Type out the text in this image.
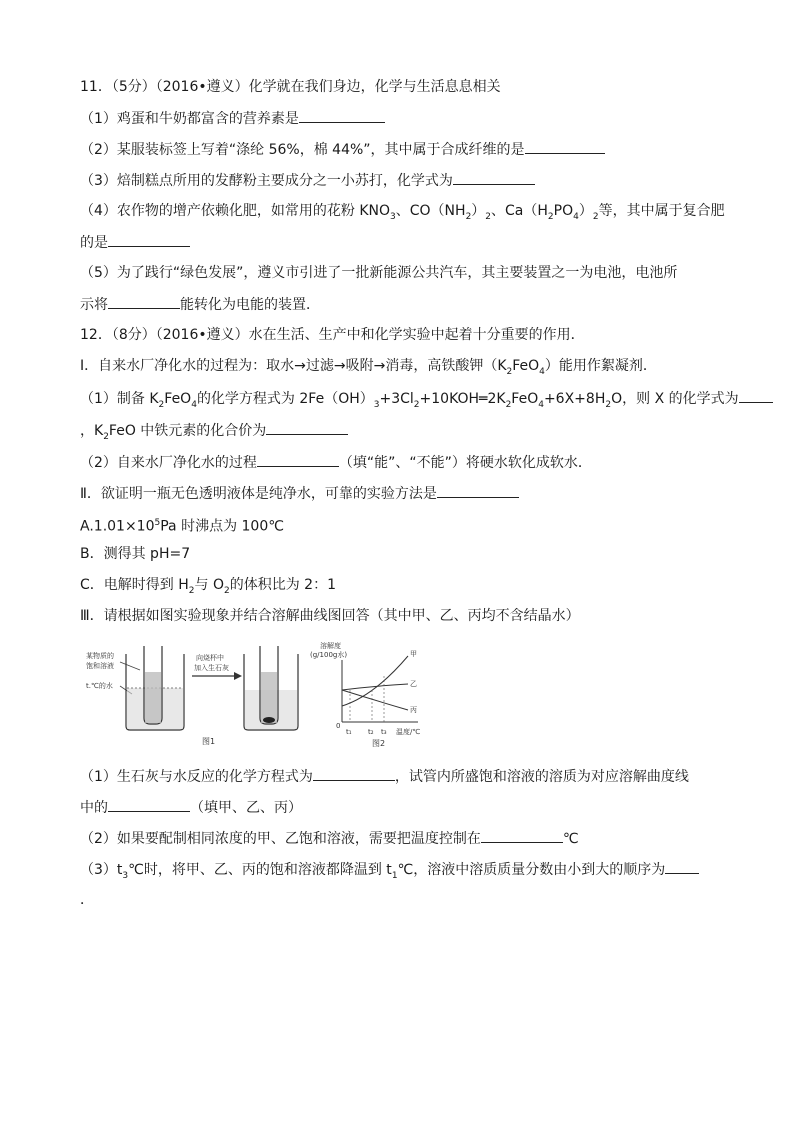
11．（5分）（2016•遵义）化学就在我们身边，化学与生活息息相关
（1）鸡蛋和牛奶都富含的营养素是
（2）某服装标签上写着“涤纶 56%，棉 44%”，其中属于合成纤维的是
（3）焙制糕点所用的发酵粉主要成分之一小苏打，化学式为
（4）农作物的增产依赖化肥，如常用的花粉 $KNO_3$、$CO(NH_2)_2$、$Ca(H_2PO_4)_2$等，其中属于复合肥
的是
（5）为了践行“绿色发展”，遵义市引进了一批新能源公共汽车，其主要装置之一为电池，电池所
示将	能转化为电能的装置．
12．（8分）（2016•遵义）水在生活、生产中和化学实验中起着十分重要的作用．
Ⅰ．自来水厂净化水的过程为：取水→过滤→吸附→消毒，高铁酸钾$(K_2FeO_4)$能用作絮凝剂．
（1）制备 $K_2FeO_4$的化学方程式为 $2Fe(OH)_3+3Cl_2+10KOH═2K_2FeO_4+6X+8H_2O$，则 X 的化学式为
，$K_2FeO$ 中铁元素的化合价为
（2）自来水厂净化水的过程	（填“能”、“不能”）将硬水软化成软水．
Ⅱ．欲证明一瓶无色透明液体是纯净水，可靠的实验方法是
$A.1.01\times 10^5Pa$ 时沸点为 100℃
B．测得其 pH=7
C．电解时得到 $H_2$与 $O_2$的体积比为 2：1
Ⅲ．请根据如图实验现象并结合溶解曲线图回答（其中甲、乙、丙均不含结晶水）
某物质的
饱和溶液
t.℃的水
向烧杯中
加入生石灰
图1
溶解度
(g/100g水)
0
温度/℃
t₁ t₂ t₃
甲
乙
丙
图2
（1）生石灰与水反应的化学方程式为	，试管内所盛饱和溶液的溶质为对应溶解曲度线
中的	（填甲、乙、丙）
（2）如果要配制相同浓度的甲、乙饱和溶液，需要把温度控制在	℃
$(3)t_3℃$时，将甲、乙、丙的饱和溶液都降温到 $t_1℃$，溶液中溶质质量分数由小到大的顺序为
．
